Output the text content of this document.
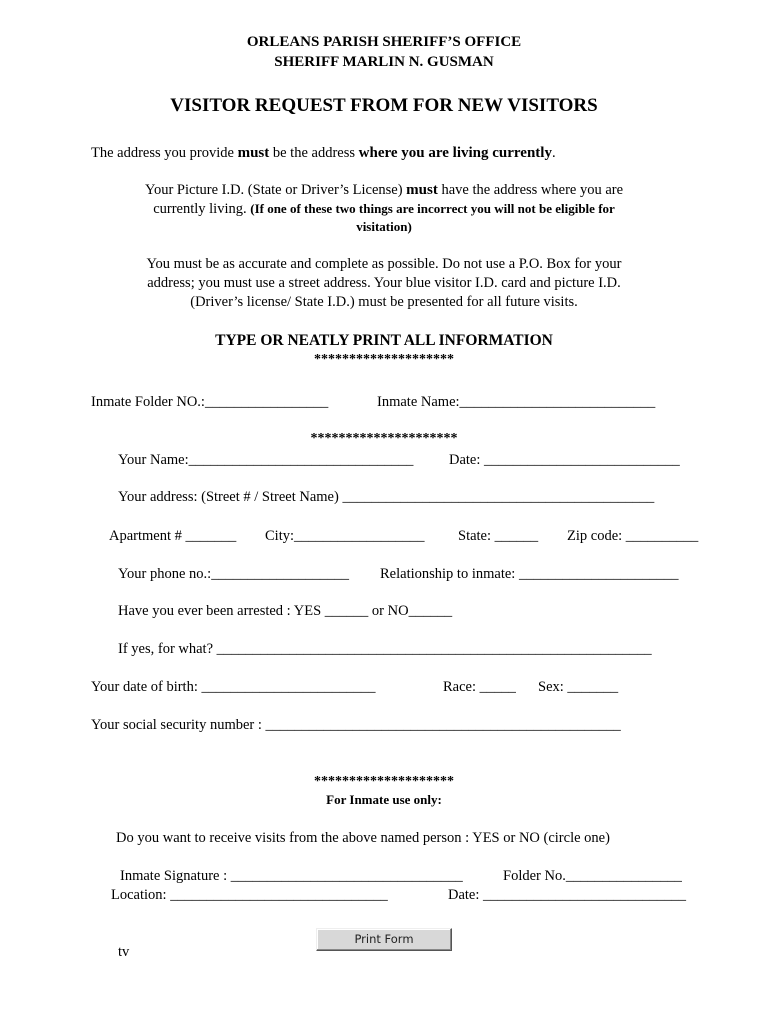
ORLEANS PARISH SHERIFF’S OFFICE
SHERIFF MARLIN N. GUSMAN
VISITOR REQUEST FROM FOR NEW VISITORS
The address you provide must be the address where you are living currently.
Your Picture I.D. (State or Driver’s License) must have the address where you are
currently living. (If one of these two things are incorrect you will not be eligible for
visitation)
You must be as accurate and complete as possible. Do not use a P.O. Box for your
address; you must use a street address. Your blue visitor I.D. card and picture I.D.
(Driver’s license/ State I.D.) must be presented for all future visits.
TYPE OR NEATLY PRINT ALL INFORMATION
********************
Inmate Folder NO.:_________________	Inmate Name:___________________________
*********************
Your Name:_______________________________ Date: ___________________________
Your address: (Street # / Street Name) ___________________________________________
Apartment # _______ City:__________________ State: ______ Zip code: __________
Your phone no.:___________________ Relationship to inmate: ______________________
Have you ever been arrested : YES ______ or NO______
If yes, for what? ____________________________________________________________
Your date of birth: ________________________	Race: _____ Sex: _______
Your social security number : _________________________________________________
********************
For Inmate use only:
Do you want to receive visits from the above named person : YES or NO (circle one)
Inmate Signature : ________________________________	Folder No.________________
Location: ______________________________	Date: ____________________________
Print Form
tv
